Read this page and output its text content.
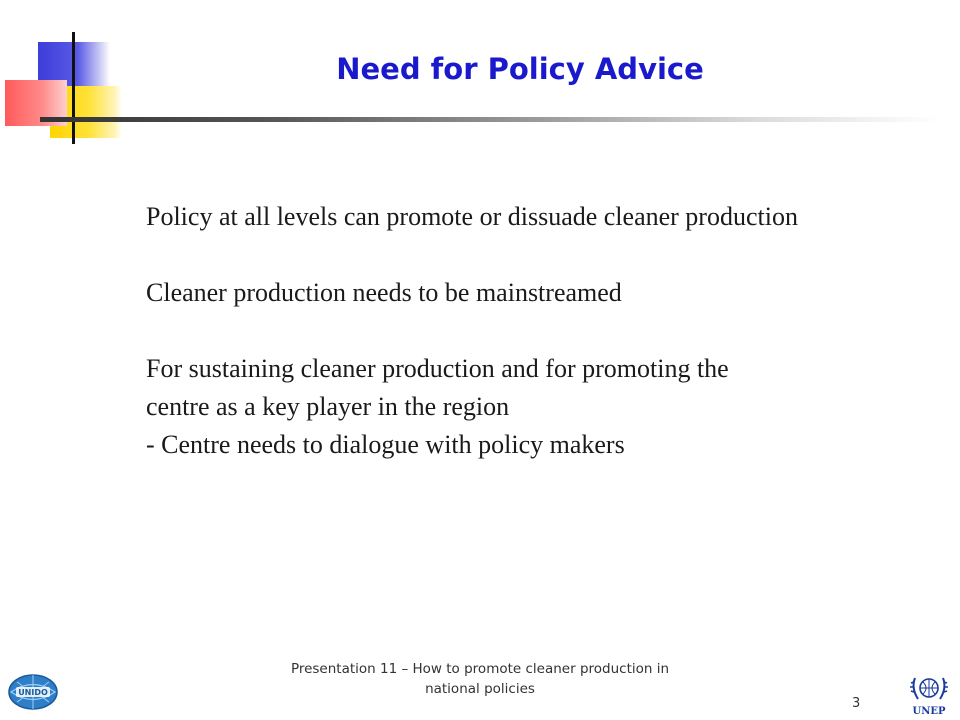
Need for Policy Advice

Policy at all levels can promote or dissuade cleaner production

Cleaner production needs to be mainstreamed

For sustaining cleaner production and for promoting the
centre as a key player in the region
- Centre needs to dialogue with policy makers

Presentation 11 – How to promote cleaner production in
national policies
3
UNIDO
UNEP
